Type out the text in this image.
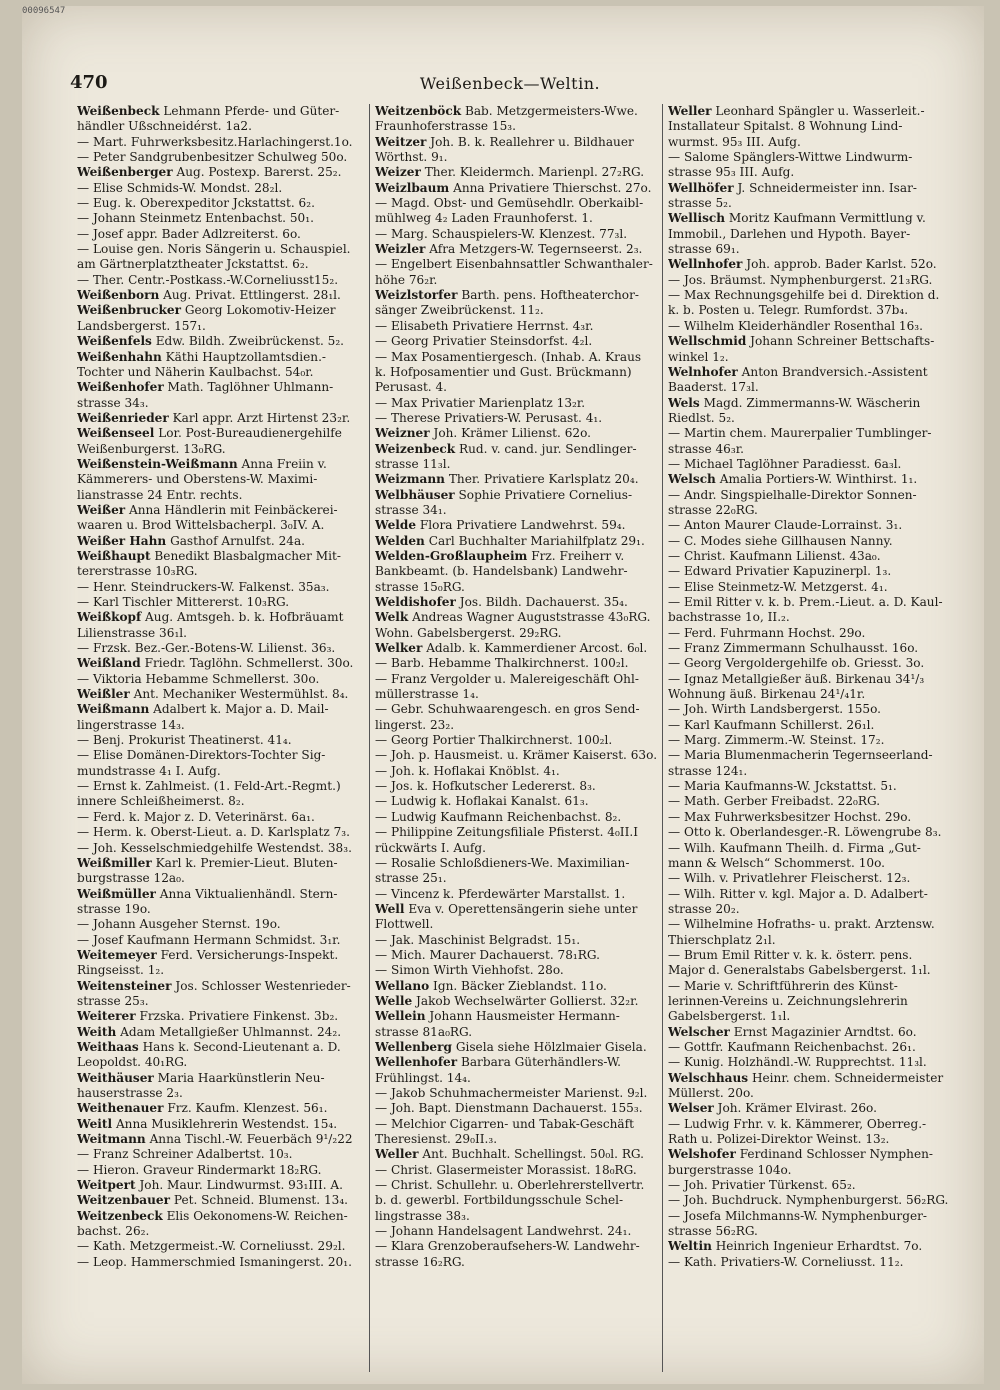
00096547
470	Weißenbeck—Weltin.
Weißenbeck Lehmann Pferde- und Güter-
händler Ußschneidérst. 1a2.
— Mart. Fuhrwerksbesitz.Harlachingerst.1o.
— Peter Sandgrubenbesitzer Schulweg 50o.
Weißenberger Aug. Postexp. Barerst. 25₂.
— Elise Schmids-W. Mondst. 28₂l.
— Eug. k. Oberexpeditor Jckstattst. 6₂.
— Johann Steinmetz Entenbachst. 50₁.
— Josef appr. Bader Adlzreiterst. 6o.
— Louise gen. Noris Sängerin u. Schauspiel.
am Gärtnerplatztheater Jckstattst. 6₂.
— Ther. Centr.-Postkass.-W.Corneliusst15₂.
Weißenborn Aug. Privat. Ettlingerst. 28₁l.
Weißenbrucker Georg Lokomotiv-Heizer
Landsbergerst. 157₁.
Weißenfels Edw. Bildh. Zweibrückenst. 5₂.
Weißenhahn Käthi Hauptzollamtsdien.-
Tochter und Näherin Kaulbachst. 54₀r.
Weißenhofer Math. Taglöhner Uhlmann-
strasse 34₃.
Weißenrieder Karl appr. Arzt Hirtenst 23₂r.
Weißenseel Lor. Post-Bureaudienergehilfe
Weißenburgerst. 13₀RG.
Weißenstein-Weißmann Anna Freiin v.
Kämmerers- und Oberstens-W. Maximi-
lianstrasse 24 Entr. rechts.
Weißer Anna Händlerin mit Feinbäckerei-
waaren u. Brod Wittelsbacherpl. 3₀IV. A.
Weißer Hahn Gasthof Arnulfst. 24a.
Weißhaupt Benedikt Blasbalgmacher Mit-
tererstrasse 10₃RG.
— Henr. Steindruckers-W. Falkenst. 35a₃.
— Karl Tischler Mittererst. 10₃RG.
Weißkopf Aug. Amtsgeh. b. k. Hofbräuamt
Lilienstrasse 36₁l.
— Frzsk. Bez.-Ger.-Botens-W. Lilienst. 36₃.
Weißland Friedr. Taglöhn. Schmellerst. 30o.
— Viktoria Hebamme Schmellerst. 30o.
Weißler Ant. Mechaniker Westermühlst. 8₄.
Weißmann Adalbert k. Major a. D. Mail-
lingerstrasse 14₃.
— Benj. Prokurist Theatinerst. 41₄.
— Elise Domänen-Direktors-Tochter Sig-
mundstrasse 4₁ I. Aufg.
— Ernst k. Zahlmeist. (1. Feld-Art.-Regmt.)
innere Schleißheimerst. 8₂.
— Ferd. k. Major z. D. Veterinärst. 6a₁.
— Herm. k. Oberst-Lieut. a. D. Karlsplatz 7₃.
— Joh. Kesselschmiedgehilfe Westendst. 38₃.
Weißmiller Karl k. Premier-Lieut. Bluten-
burgstrasse 12a₀.
Weißmüller Anna Viktualienhändl. Stern-
strasse 19o.
— Johann Ausgeher Sternst. 19o.
— Josef Kaufmann Hermann Schmidst. 3₁r.
Weitemeyer Ferd. Versicherungs-Inspekt.
Ringseisst. 1₂.
Weitensteiner Jos. Schlosser Westenrieder-
strasse 25₃.
Weiterer Frzska. Privatiere Finkenst. 3b₂.
Weith Adam Metallgießer Uhlmannst. 24₂.
Weithaas Hans k. Second-Lieutenant a. D.
Leopoldst. 40₁RG.
Weithäuser Maria Haarkünstlerin Neu-
hauserstrasse 2₃.
Weithenauer Frz. Kaufm. Klenzest. 56₁.
Weitl Anna Musiklehrerin Westendst. 15₄.
Weitmann Anna Tischl.-W. Feuerbäch 9¹/₂22
— Franz Schreiner Adalbertst. 10₃.
— Hieron. Graveur Rindermarkt 18₂RG.
Weitpert Joh. Maur. Lindwurmst. 93₁III. A.
Weitzenbauer Pet. Schneid. Blumenst. 13₄.
Weitzenbeck Elis Oekonomens-W. Reichen-
bachst. 26₂.
— Kath. Metzgermeist.-W. Corneliusst. 29₂l.
— Leop. Hammerschmied Ismaningerst. 20₁.
Weitzenböck Bab. Metzgermeisters-Wwe.
Fraunhoferstrasse 15₃.
Weitzer Joh. B. k. Reallehrer u. Bildhauer
Wörthst. 9₁.
Weizer Ther. Kleidermch. Marienpl. 27₂RG.
Weizlbaum Anna Privatiere Thierschst. 27o.
— Magd. Obst- und Gemüsehdlr. Oberkaibl-
mühlweg 4₂ Laden Fraunhoferst. 1.
— Marg. Schauspielers-W. Klenzest. 77₃l.
Weizler Afra Metzgers-W. Tegernseerst. 2₃.
— Engelbert Eisenbahnsattler Schwanthaler-
höhe 76₂r.
Weizlstorfer Barth. pens. Hoftheaterchor-
sänger Zweibrückenst. 11₂.
— Elisabeth Privatiere Herrnst. 4₃r.
— Georg Privatier Steinsdorfst. 4₂l.
— Max Posamentiergesch. (Inhab. A. Kraus
k. Hofposamentier und Gust. Brückmann)
Perusast. 4.
— Max Privatier Marienplatz 13₂r.
— Therese Privatiers-W. Perusast. 4₁.
Weizner Joh. Krämer Lilienst. 62o.
Weizenbeck Rud. v. cand. jur. Sendlinger-
strasse 11₃l.
Weizmann Ther. Privatiere Karlsplatz 20₄.
Welbhäuser Sophie Privatiere Cornelius-
strasse 34₁.
Welde Flora Privatiere Landwehrst. 59₄.
Welden Carl Buchhalter Mariahilfplatz 29₁.
Welden-Großlaupheim Frz. Freiherr v.
Bankbeamt. (b. Handelsbank) Landwehr-
strasse 15₀RG.
Weldishofer Jos. Bildh. Dachauerst. 35₄.
Welk Andreas Wagner Auguststrasse 43₀RG.
Wohn. Gabelsbergerst. 29₂RG.
Welker Adalb. k. Kammerdiener Arcost. 6₀l.
— Barb. Hebamme Thalkirchnerst. 100₂l.
— Franz Vergolder u. Malereigeschäft Ohl-
müllerstrasse 1₄.
— Gebr. Schuhwaarengesch. en gros Send-
lingerst. 23₂.
— Georg Portier Thalkirchnerst. 100₂l.
— Joh. p. Hausmeist. u. Krämer Kaiserst. 63o.
— Joh. k. Hoflakai Knöblst. 4₁.
— Jos. k. Hofkutscher Ledererst. 8₃.
— Ludwig k. Hoflakai Kanalst. 61₃.
— Ludwig Kaufmann Reichenbachst. 8₂.
— Philippine Zeitungsfiliale Pfisterst. 4₀II.I
rückwärts I. Aufg.
— Rosalie Schloßdieners-We. Maximilian-
strasse 25₁.
— Vincenz k. Pferdewärter Marstallst. 1.
Well Eva v. Operettensängerin siehe unter
Flottwell.
— Jak. Maschinist Belgradst. 15₁.
— Mich. Maurer Dachauerst. 78₁RG.
— Simon Wirth Viehhofst. 28o.
Wellano Ign. Bäcker Zieblandst. 11o.
Welle Jakob Wechselwärter Gollierst. 32₂r.
Wellein Johann Hausmeister Hermann-
strasse 81a₀RG.
Wellenberg Gisela siehe Hölzlmaier Gisela.
Wellenhofer Barbara Güterhändlers-W.
Frühlingst. 14₄.
— Jakob Schuhmachermeister Marienst. 9₂l.
— Joh. Bapt. Dienstmann Dachauerst. 155₃.
— Melchior Cigarren- und Tabak-Geschäft
Theresienst. 29₀II.₃.
Weller Ant. Buchhalt. Schellingst. 50₀l. RG.
— Christ. Glasermeister Morassist. 18₀RG.
— Christ. Schullehr. u. Oberlehrerstellvertr.
b. d. gewerbl. Fortbildungsschule Schel-
lingstrasse 38₃.
— Johann Handelsagent Landwehrst. 24₁.
— Klara Grenzoberaufsehers-W. Landwehr-
strasse 16₂RG.
Weller Leonhard Spängler u. Wasserleit.-
Installateur Spitalst. 8 Wohnung Lind-
wurmst. 95₃ III. Aufg.
— Salome Spänglers-Wittwe Lindwurm-
strasse 95₃ III. Aufg.
Wellhöfer J. Schneidermeister inn. Isar-
strasse 5₂.
Wellisch Moritz Kaufmann Vermittlung v.
Immobil., Darlehen und Hypoth. Bayer-
strasse 69₁.
Wellnhofer Joh. approb. Bader Karlst. 52o.
— Jos. Bräumst. Nymphenburgerst. 21₃RG.
— Max Rechnungsgehilfe bei d. Direktion d.
k. b. Posten u. Telegr. Rumfordst. 37b₄.
— Wilhelm Kleiderhändler Rosenthal 16₃.
Wellschmid Johann Schreiner Bettschafts-
winkel 1₂.
Welnhofer Anton Brandversich.-Assistent
Baaderst. 17₃l.
Wels Magd. Zimmermanns-W. Wäscherin
Riedlst. 5₂.
— Martin chem. Maurerpalier Tumblinger-
strasse 46₃r.
— Michael Taglöhner Paradiesst. 6a₃l.
Welsch Amalia Portiers-W. Winthirst. 1₁.
— Andr. Singspielhalle-Direktor Sonnen-
strasse 22₀RG.
— Anton Maurer Claude-Lorrainst. 3₁.
— C. Modes siehe Gillhausen Nanny.
— Christ. Kaufmann Lilienst. 43a₀.
— Edward Privatier Kapuzinerpl. 1₃.
— Elise Steinmetz-W. Metzgerst. 4₁.
— Emil Ritter v. k. b. Prem.-Lieut. a. D. Kaul-
bachstrasse 1o, II.₂.
— Ferd. Fuhrmann Hochst. 29o.
— Franz Zimmermann Schulhausst. 16o.
— Georg Vergoldergehilfe ob. Griesst. 3o.
— Ignaz Metallgießer äuß. Birkenau 34¹/₃
Wohnung äuß. Birkenau 24¹/₄1r.
— Joh. Wirth Landsbergerst. 155o.
— Karl Kaufmann Schillerst. 26₁l.
— Marg. Zimmerm.-W. Steinst. 17₂.
— Maria Blumenmacherin Tegernseerland-
strasse 124₁.
— Maria Kaufmanns-W. Jckstattst. 5₁.
— Math. Gerber Freibadst. 22₀RG.
— Max Fuhrwerksbesitzer Hochst. 29o.
— Otto k. Oberlandesger.-R. Löwengrube 8₃.
— Wilh. Kaufmann Theilh. d. Firma „Gut-
mann & Welsch“ Schommerst. 10o.
— Wilh. v. Privatlehrer Fleischerst. 12₃.
— Wilh. Ritter v. kgl. Major a. D. Adalbert-
strasse 20₂.
— Wilhelmine Hofraths- u. prakt. Arztensw.
Thierschplatz 2₁l.
— Brum Emil Ritter v. k. k. österr. pens.
Major d. Generalstabs Gabelsbergerst. 1₁l.
— Marie v. Schriftführerin des Künst-
lerinnen-Vereins u. Zeichnungslehrerin
Gabelsbergerst. 1₁l.
Welscher Ernst Magazinier Arndtst. 6o.
— Gottfr. Kaufmann Reichenbachst. 26₁.
— Kunig. Holzhändl.-W. Rupprechtst. 11₃l.
Welschhaus Heinr. chem. Schneidermeister
Müllerst. 20o.
Welser Joh. Krämer Elvirast. 26o.
— Ludwig Frhr. v. k. Kämmerer, Oberreg.-
Rath u. Polizei-Direktor Weinst. 13₂.
Welshofer Ferdinand Schlosser Nymphen-
burgerstrasse 104o.
— Joh. Privatier Türkenst. 65₂.
— Joh. Buchdruck. Nymphenburgerst. 56₂RG.
— Josefa Milchmanns-W. Nymphenburger-
strasse 56₂RG.
Weltin Heinrich Ingenieur Erhardtst. 7o.
— Kath. Privatiers-W. Corneliusst. 11₂.
